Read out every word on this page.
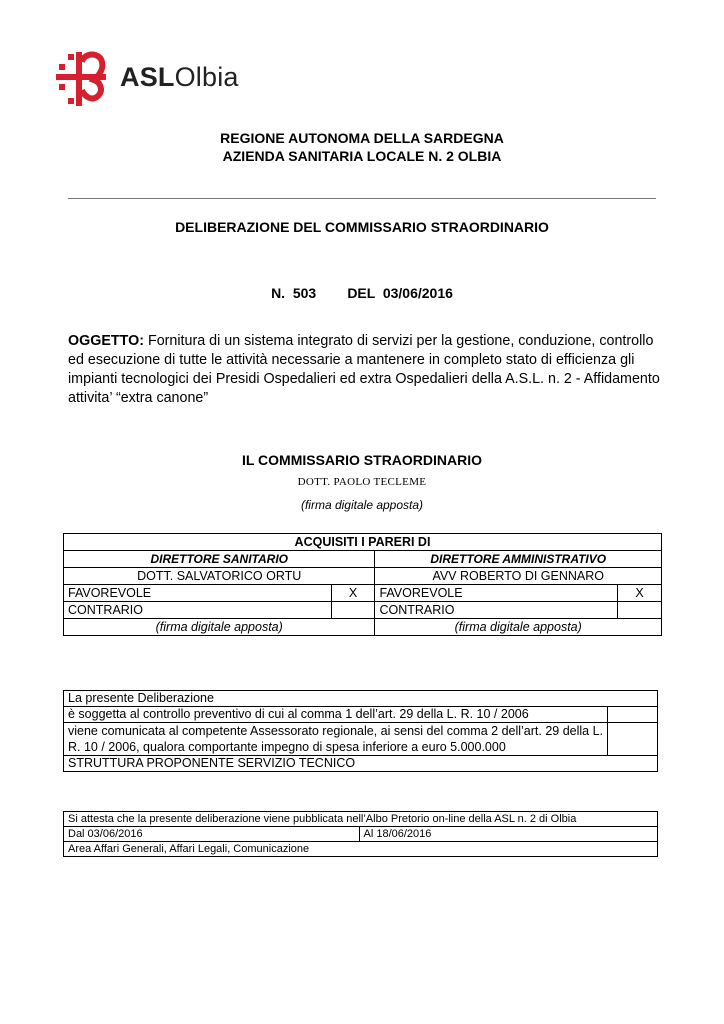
ASLOlbia
REGIONE AUTONOMA DELLA SARDEGNA
AZIENDA SANITARIA LOCALE N. 2 OLBIA
DELIBERAZIONE DEL COMMISSARIO STRAORDINARIO
N.  503        DEL  03/06/2016
OGGETTO: Fornitura di un sistema integrato di servizi per la gestione, conduzione, controllo ed esecuzione di tutte le attività necessarie a mantenere in completo stato di efficienza gli impianti tecnologici dei Presidi Ospedalieri ed extra Ospedalieri della A.S.L. n. 2 - Affidamento attivita’ “extra canone”
IL COMMISSARIO STRAORDINARIO
DOTT. PAOLO TECLEME
(firma digitale apposta)
ACQUISITI I PARERI DI			
DIRETTORE SANITARIO		DIRETTORE AMMINISTRATIVO	
DOTT. SALVATORICO ORTU		AVV ROBERTO DI GENNARO	
FAVOREVOLE	X	FAVOREVOLE	X
CONTRARIO		CONTRARIO	
(firma digitale apposta)		(firma digitale apposta)	
La presente Deliberazione	
è soggetta al controllo preventivo di cui al comma 1 dell’art. 29 della L. R. 10 / 2006	
viene comunicata al competente Assessorato regionale, ai sensi del comma 2 dell’art. 29 della L. R. 10 / 2006, qualora comportante impegno di spesa inferiore a euro 5.000.000	
STRUTTURA PROPONENTE SERVIZIO TECNICO	
Si attesta che la presente deliberazione viene pubblicata nell’Albo Pretorio on-line della ASL n. 2 di Olbia
Dal 03/06/2016	Al 18/06/2016
Area Affari Generali, Affari Legali, Comunicazione
